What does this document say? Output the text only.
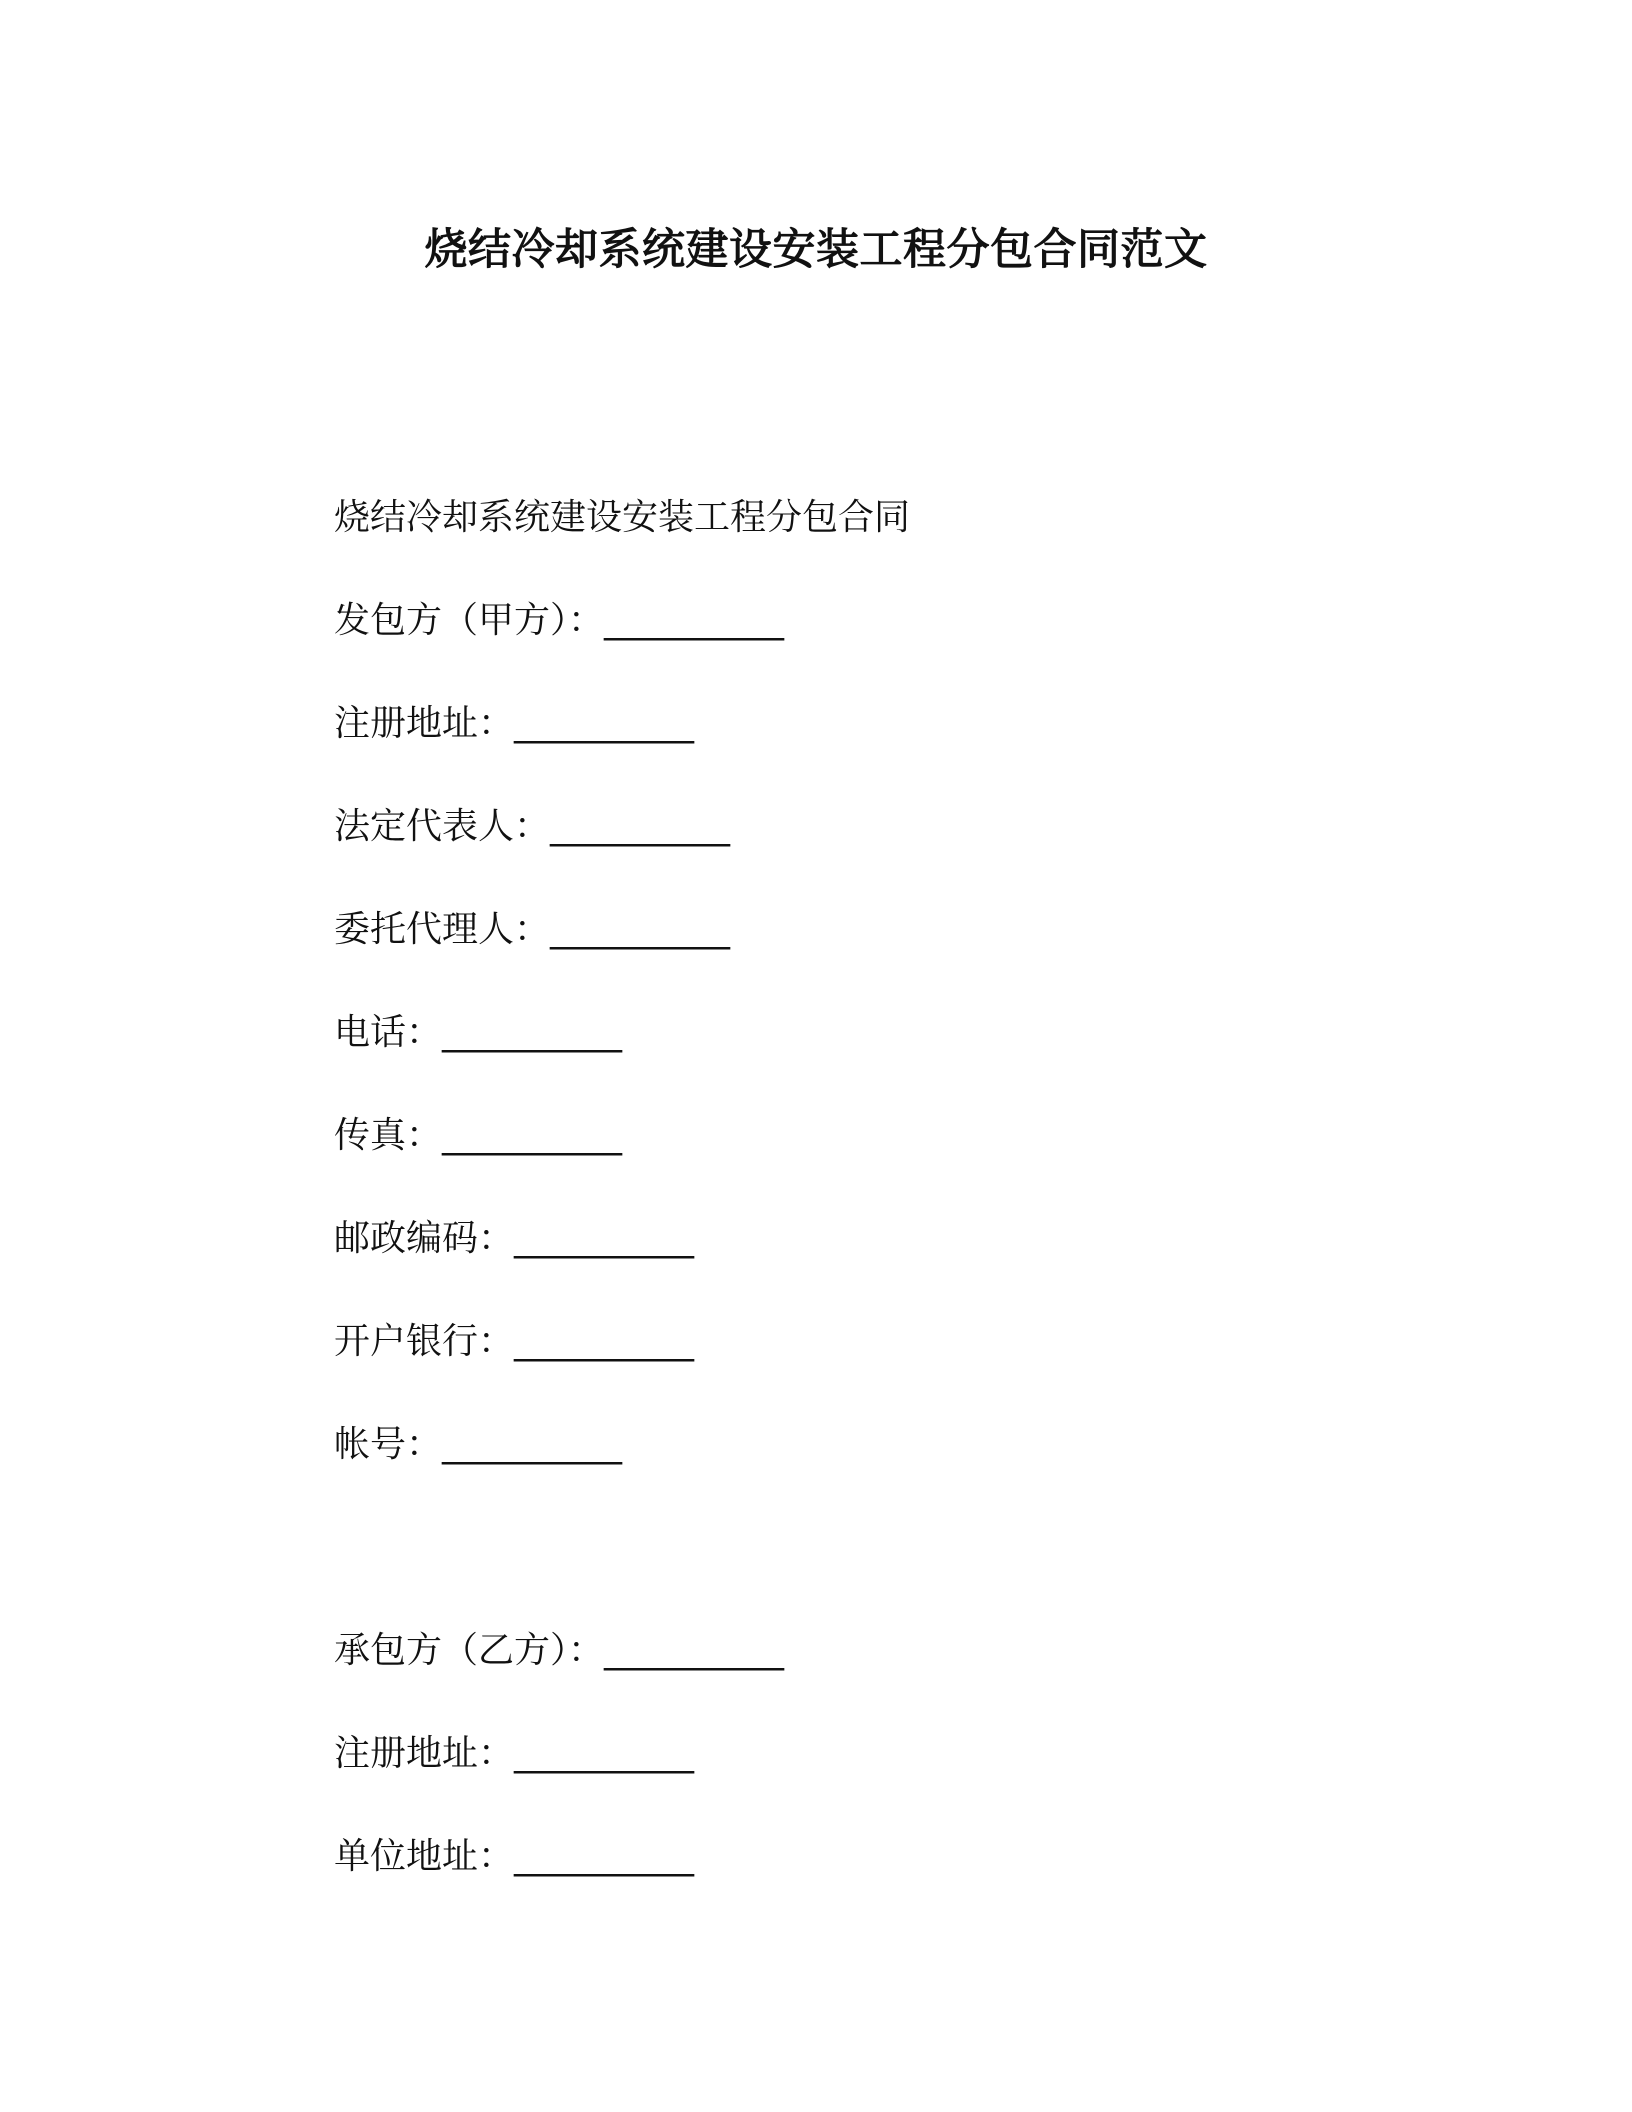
烧结冷却系统建设安装工程分包合同范文

烧结冷却系统建设安装工程分包合同

发包方（甲方）：__________
注册地址：__________
法定代表人：__________
委托代理人：__________
电话：__________
传真：__________
邮政编码：__________
开户银行：__________
帐号：__________
承包方（乙方）：__________
注册地址：__________
单位地址：__________
